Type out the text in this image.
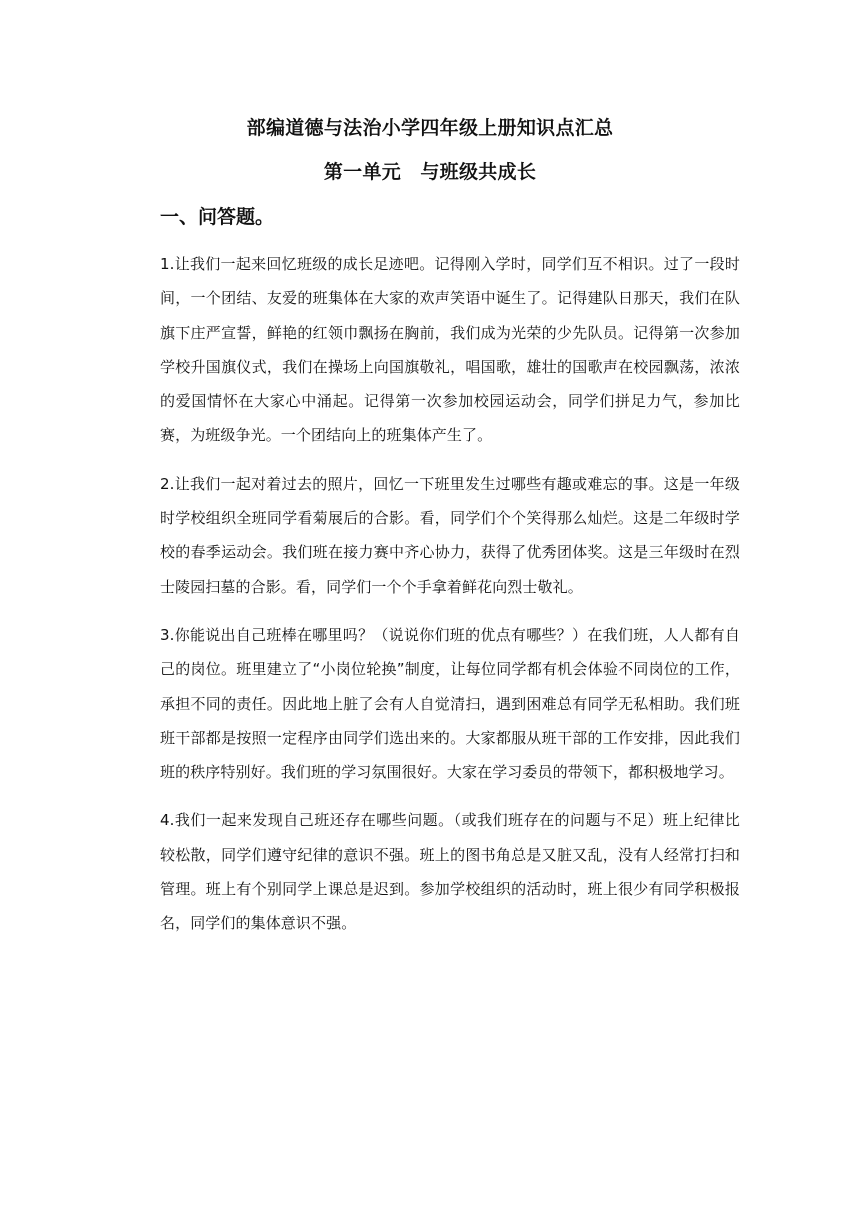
部编道德与法治小学四年级上册知识点汇总
第一单元　与班级共成长
一、问答题。

1.让我们一起来回忆班级的成长足迹吧。记得刚入学时，同学们互不相识。过了一段时间，一个团结、友爱的班集体在大家的欢声笑语中诞生了。记得建队日那天，我们在队旗下庄严宣誓，鲜艳的红领巾飘扬在胸前，我们成为光荣的少先队员。记得第一次参加学校升国旗仪式，我们在操场上向国旗敬礼，唱国歌，雄壮的国歌声在校园飘荡，浓浓的爱国情怀在大家心中涌起。记得第一次参加校园运动会，同学们拼足力气，参加比赛，为班级争光。一个团结向上的班集体产生了。

2.让我们一起对着过去的照片，回忆一下班里发生过哪些有趣或难忘的事。这是一年级时学校组织全班同学看菊展后的合影。看，同学们个个笑得那么灿烂。这是二年级时学校的春季运动会。我们班在接力赛中齐心协力，获得了优秀团体奖。这是三年级时在烈士陵园扫墓的合影。看，同学们一个个手拿着鲜花向烈士敬礼。

3.你能说出自己班棒在哪里吗？（说说你们班的优点有哪些？）在我们班，人人都有自己的岗位。班里建立了“小岗位轮换”制度，让每位同学都有机会体验不同岗位的工作，承担不同的责任。因此地上脏了会有人自觉清扫，遇到困难总有同学无私相助。我们班班干部都是按照一定程序由同学们选出来的。大家都服从班干部的工作安排，因此我们班的秩序特别好。我们班的学习氛围很好。大家在学习委员的带领下，都积极地学习。

4.我们一起来发现自己班还存在哪些问题。（或我们班存在的问题与不足）班上纪律比较松散，同学们遵守纪律的意识不强。班上的图书角总是又脏又乱，没有人经常打扫和管理。班上有个别同学上课总是迟到。参加学校组织的活动时，班上很少有同学积极报名，同学们的集体意识不强。
